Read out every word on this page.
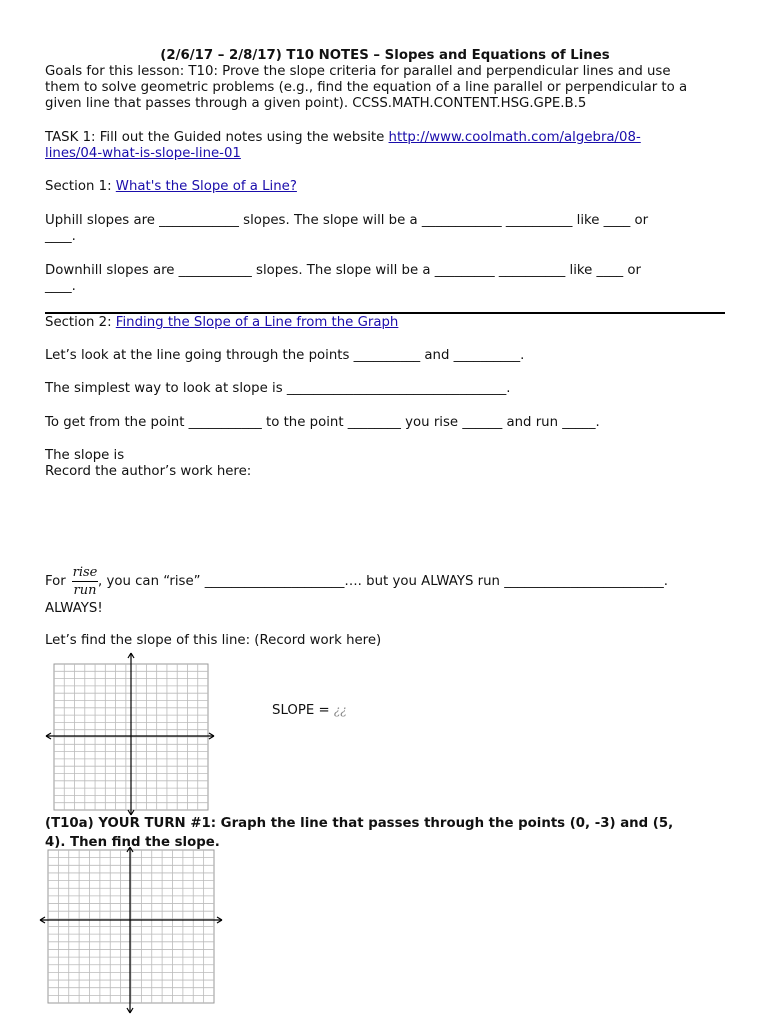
(2/6/17 – 2/8/17) T10 NOTES – Slopes and Equations of Lines
Goals for this lesson: T10: Prove the slope criteria for parallel and perpendicular lines and use
them to solve geometric problems (e.g., find the equation of a line parallel or perpendicular to a
given line that passes through a given point). CCSS.MATH.CONTENT.HSG.GPE.B.5
TASK 1: Fill out the Guided notes using the website http://www.coolmath.com/algebra/08-
lines/04-what-is-slope-line-01
Section 1: What's the Slope of a Line?
Uphill slopes are ____________ slopes. The slope will be a ____________ __________ like ____ or
____.
Downhill slopes are ___________ slopes. The slope will be a _________ __________ like ____ or
____.
Section 2: Finding the Slope of a Line from the Graph
Let’s look at the line going through the points __________ and __________.
The simplest way to look at slope is _________________________________.
To get from the point ___________ to the point ________ you rise ______ and run _____.
The slope is
Record the author’s work here:
For
rise
run
, you can “rise” _____________________…. but you ALWAYS run ________________________.
ALWAYS!
Let’s find the slope of this line: (Record work here)
SLOPE = ¿¿
(T10a) YOUR TURN #1: Graph the line that passes through the points (0, -3) and (5,
4). Then find the slope.
